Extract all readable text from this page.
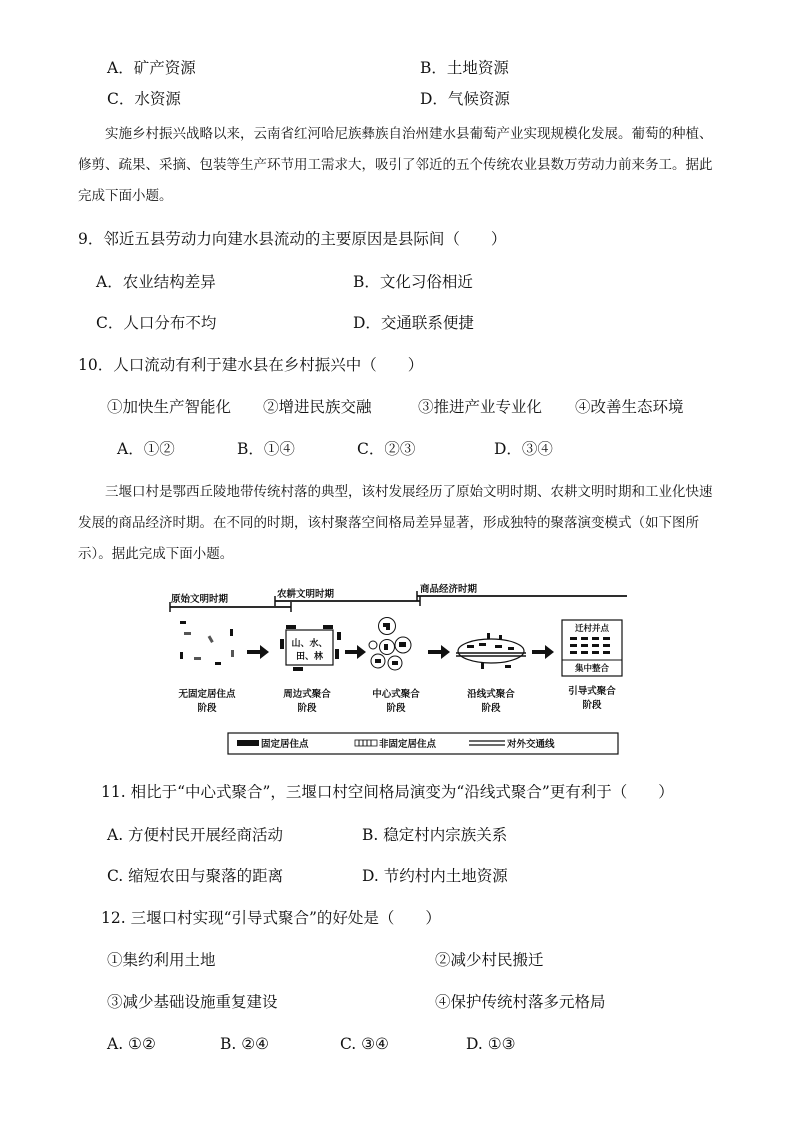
A．矿产资源	B．土地资源
C．水资源	D．气候资源
实施乡村振兴战略以来，云南省红河哈尼族彝族自治州建水县葡萄产业实现规模化发展。葡萄的种植、修剪、疏果、采摘、包装等生产环节用工需求大，吸引了邻近的五个传统农业县数万劳动力前来务工。据此完成下面小题。
9．邻近五县劳动力向建水县流动的主要原因是县际间（　　）
A．农业结构差异	B．文化习俗相近
C．人口分布不均	D．交通联系便捷
10．人口流动有利于建水县在乡村振兴中（　　）
①加快生产智能化 ②增进民族交融	③推进产业专业化 ④改善生态环境
A．①②	B．①④	C．②③	D．③④
三堰口村是鄂西丘陵地带传统村落的典型，该村发展经历了原始文明时期、农耕文明时期和工业化快速发展的商品经济时期。在不同的时期，该村聚落空间格局差异显著，形成独特的聚落演变模式（如下图所示）。据此完成下面小题。
原始文明时期	农耕文明时期	商品经济时期
山、水、
田、林
迁村并点
集中整合
无固定居住点
阶段
周边式聚合
阶段
中心式聚合
阶段
沿线式聚合
阶段
引导式聚合
阶段
固定居住点	非固定居住点	对外交通线
11. 相比于“中心式聚合”，三堰口村空间格局演变为“沿线式聚合”更有利于（　　）
A. 方便村民开展经商活动	B. 稳定村内宗族关系
C. 缩短农田与聚落的距离	D. 节约村内土地资源
12. 三堰口村实现“引导式聚合”的好处是（　　）
①集约利用土地	②减少村民搬迁
③减少基础设施重复建设	④保护传统村落多元格局
A. ①②	B. ②④	C. ③④	D. ①③
